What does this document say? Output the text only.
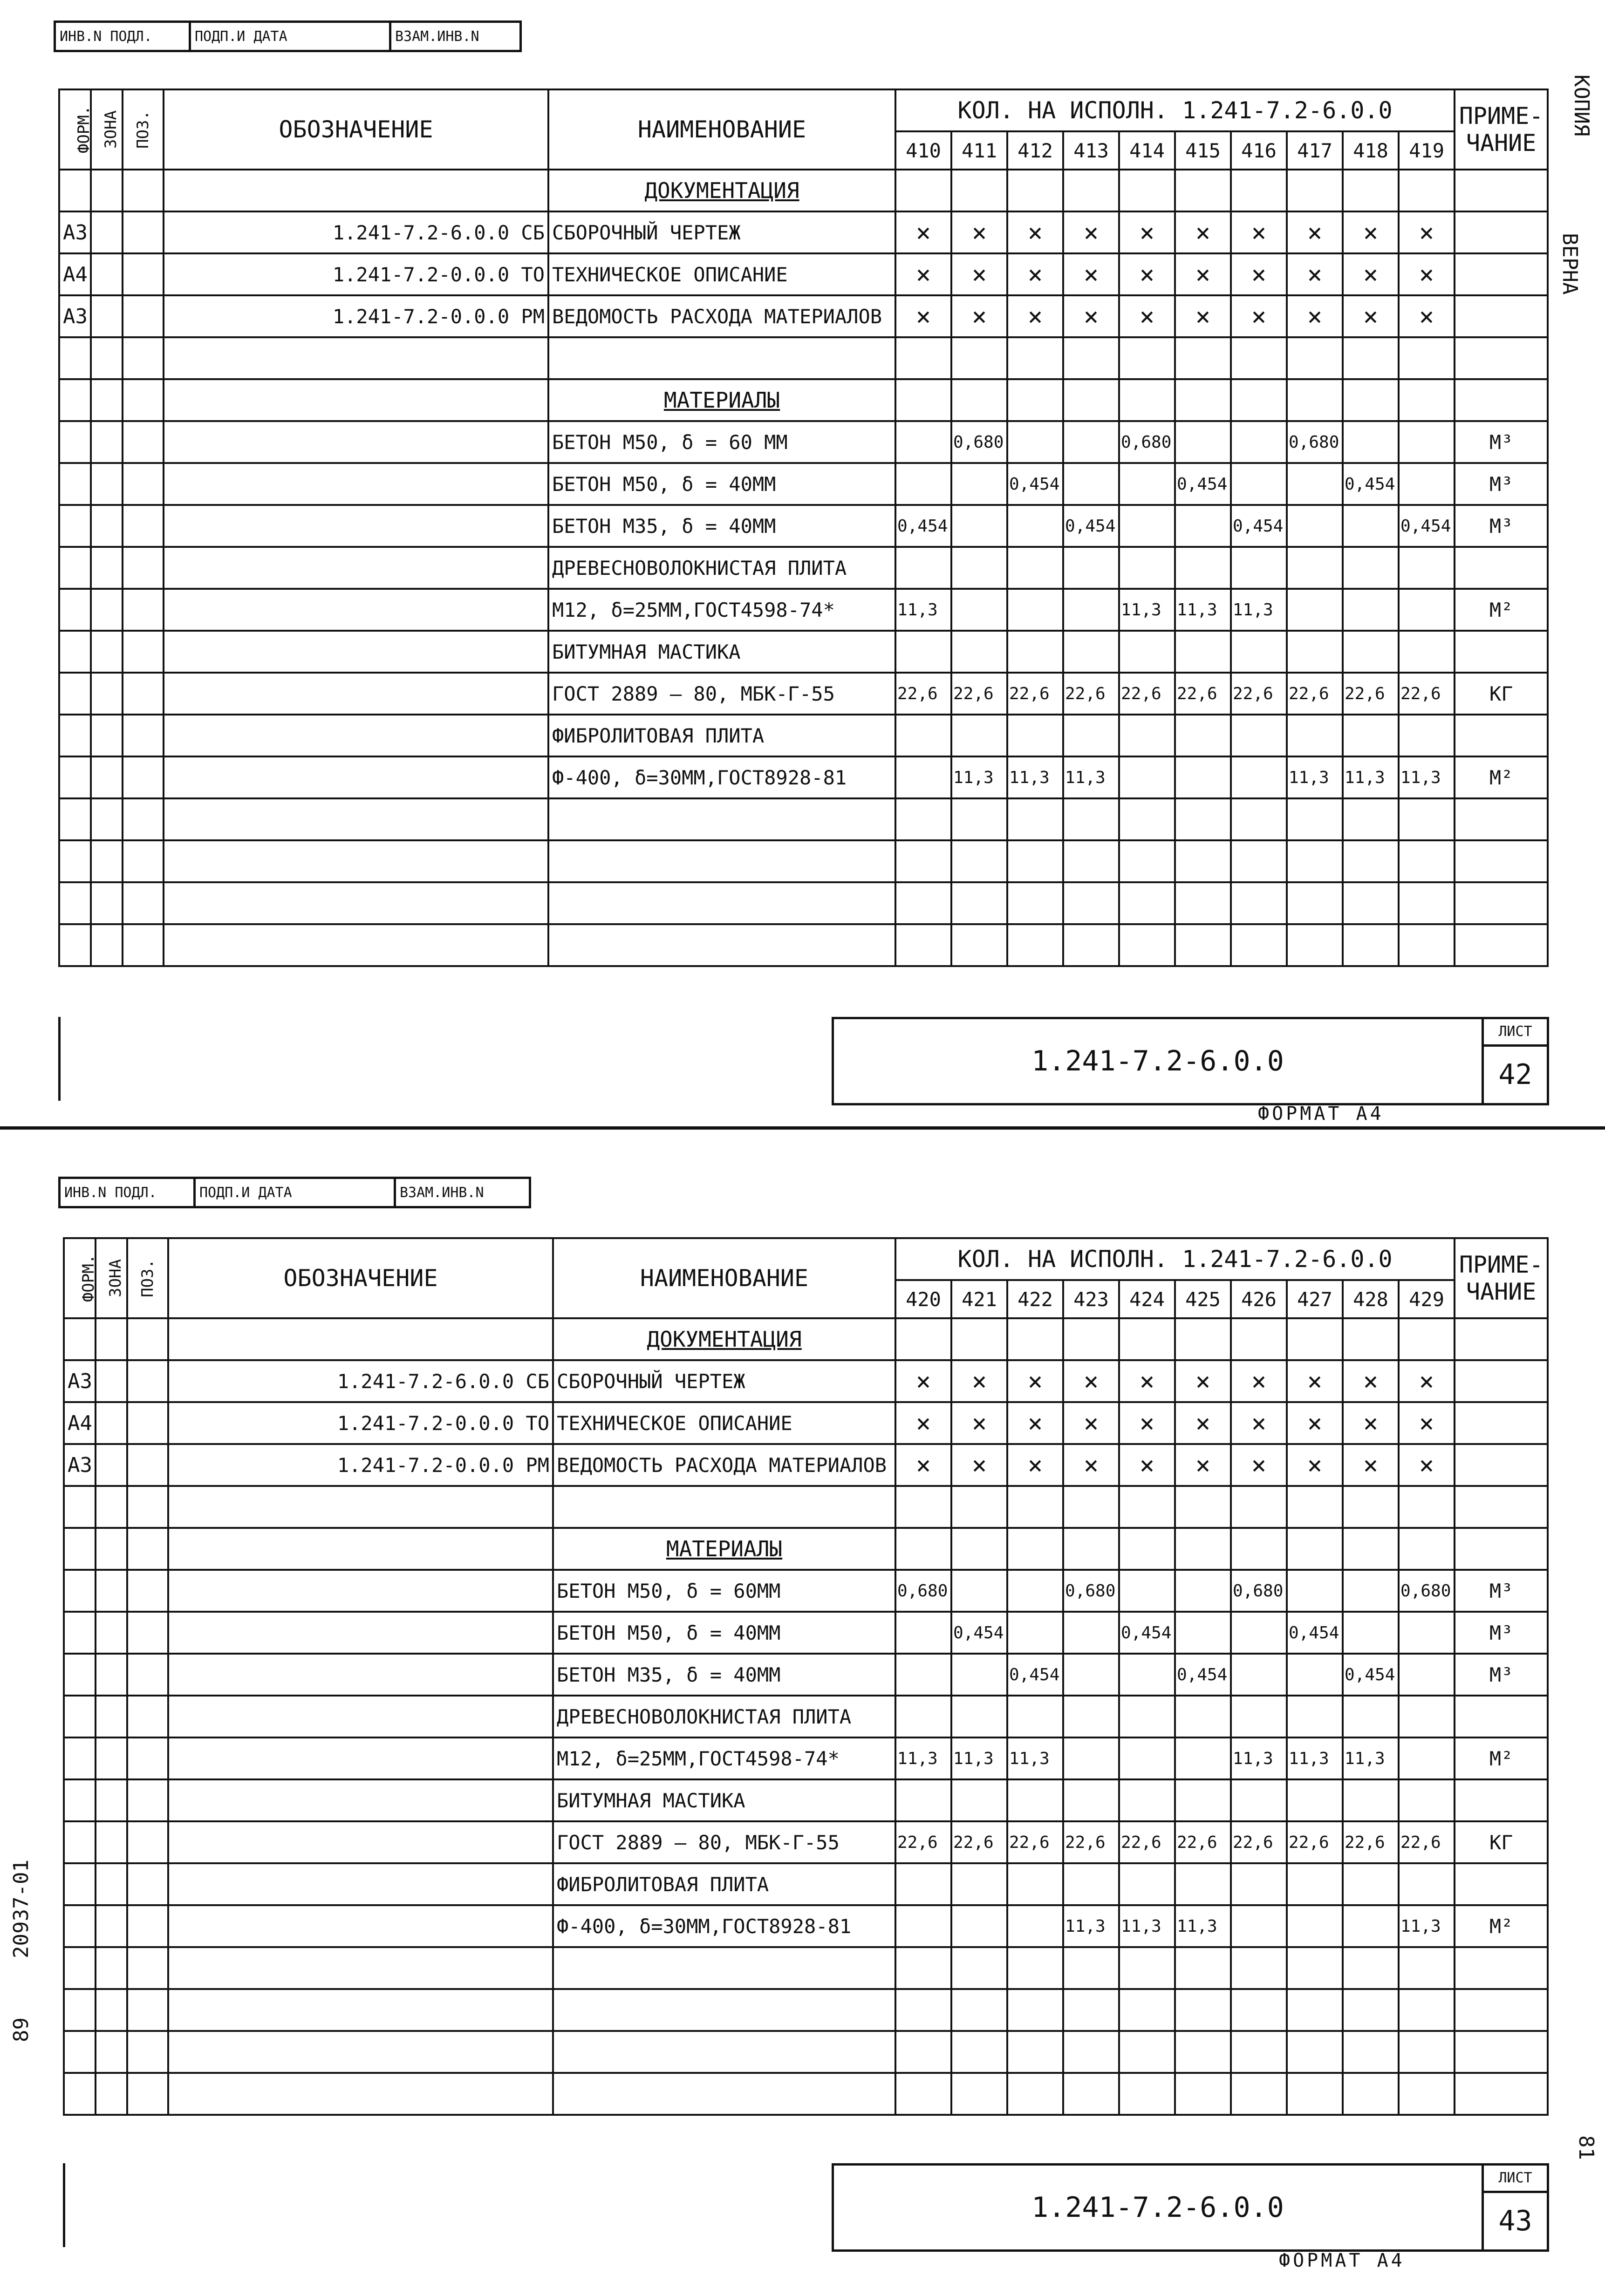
ИНВ.N ПОДЛ.	ПОДП.И ДАТА	ВЗАМ.ИНВ.N
ФОРМ.	ЗОНА	ПОЗ.	ОБОЗНАЧЕНИЕ	НАИМЕНОВАНИЕ	КОЛ. НА ИСПОЛН. 1.241-7.2-6.0.0										ПРИМЕ-
ЧАНИЕ
					410	411	412	413	414	415	416	417	418	419	
				ДОКУМЕНТАЦИЯ											
А3			1.241-7.2-6.0.0 СБ	СБОРОЧНЫЙ ЧЕРТЕЖ	×	×	×	×	×	×	×	×	×	×	
А4			1.241-7.2-0.0.0 ТО	ТЕХНИЧЕСКОЕ ОПИСАНИЕ	×	×	×	×	×	×	×	×	×	×	
А3			1.241-7.2-0.0.0 РМ	ВЕДОМОСТЬ РАСХОДА МАТЕРИАЛОВ	×	×	×	×	×	×	×	×	×	×	

				МАТЕРИАЛЫ											
				БЕТОН М50, δ = 60 ММ		0,680			0,680			0,680			М³
				БЕТОН М50, δ = 40ММ			0,454			0,454			0,454		М³
				БЕТОН М35, δ = 40ММ	0,454			0,454			0,454			0,454	М³
				ДРЕВЕСНОВОЛОКНИСТАЯ ПЛИТА											
				М12, δ=25ММ,ГОСТ4598-74*	11,3				11,3	11,3	11,3				М²
				БИТУМНАЯ МАСТИКА											
				ГОСТ 2889 – 80, МБК-Г-55	22,6	22,6	22,6	22,6	22,6	22,6	22,6	22,6	22,6	22,6	КГ
				ФИБРОЛИТОВАЯ ПЛИТА											
				Ф-400, δ=30ММ,ГОСТ8928-81		11,3	11,3	11,3				11,3	11,3	11,3	М²

1.241-7.2-6.0.0	ЛИСТ
42
ФОРМАТ А4
КОПИЯ
ВЕРНА
ИНВ.N ПОДЛ.	ПОДП.И ДАТА	ВЗАМ.ИНВ.N
ФОРМ.	ЗОНА	ПОЗ.	ОБОЗНАЧЕНИЕ	НАИМЕНОВАНИЕ	КОЛ. НА ИСПОЛН. 1.241-7.2-6.0.0										ПРИМЕ-
ЧАНИЕ
					420	421	422	423	424	425	426	427	428	429	
				ДОКУМЕНТАЦИЯ											
А3			1.241-7.2-6.0.0 СБ	СБОРОЧНЫЙ ЧЕРТЕЖ	×	×	×	×	×	×	×	×	×	×	
А4			1.241-7.2-0.0.0 ТО	ТЕХНИЧЕСКОЕ ОПИСАНИЕ	×	×	×	×	×	×	×	×	×	×	
А3			1.241-7.2-0.0.0 РМ	ВЕДОМОСТЬ РАСХОДА МАТЕРИАЛОВ	×	×	×	×	×	×	×	×	×	×	

				МАТЕРИАЛЫ											
				БЕТОН М50, δ = 60ММ	0,680			0,680			0,680			0,680	М³
				БЕТОН М50, δ = 40ММ		0,454			0,454			0,454			М³
				БЕТОН М35, δ = 40ММ			0,454			0,454			0,454		М³
				ДРЕВЕСНОВОЛОКНИСТАЯ ПЛИТА											
				М12, δ=25ММ,ГОСТ4598-74*	11,3	11,3	11,3				11,3	11,3	11,3		М²
				БИТУМНАЯ МАСТИКА											
				ГОСТ 2889 – 80, МБК-Г-55	22,6	22,6	22,6	22,6	22,6	22,6	22,6	22,6	22,6	22,6	КГ
				ФИБРОЛИТОВАЯ ПЛИТА											
				Ф-400, δ=30ММ,ГОСТ8928-81				11,3	11,3	11,3				11,3	М²

1.241-7.2-6.0.0	ЛИСТ
43
ФОРМАТ А4
20937-01
89
81
